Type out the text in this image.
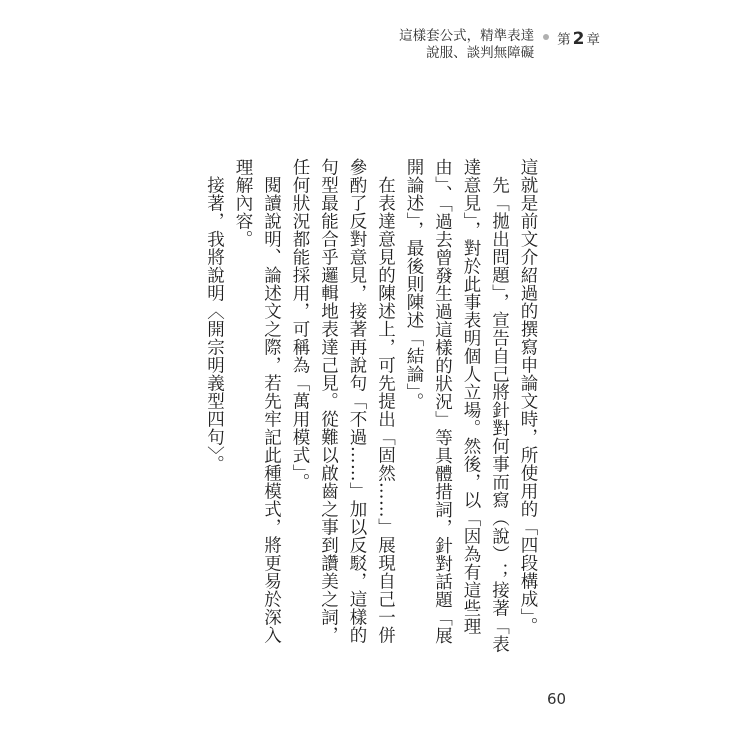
這樣套公式，精準表達
說服、談判無障礙
第 2 章

這就是前文介紹過的撰寫申論文時，所使用的「四段構成」。

先「拋出問題」，宣告自己將針對何事而寫（說）；接著「表達意見」，對於此事表明個人立場。然後，以「因為有這些理由」、「過去曾發生過這樣的狀況」等具體措詞，針對話題「展開論述」，最後則陳述「結論」。

在表達意見的陳述上，可先提出「固然……」展現自己一併參酌了反對意見，接著再說句「不過……」加以反駁，這樣的句型最能合乎邏輯地表達己見。從難以啟齒之事到讚美之詞，任何狀況都能採用，可稱為「萬用模式」。

閱讀說明、論述文之際，若先牢記此種模式，將更易於深入理解內容。

接著，我將說明〈開宗明義型四句〉。

60
